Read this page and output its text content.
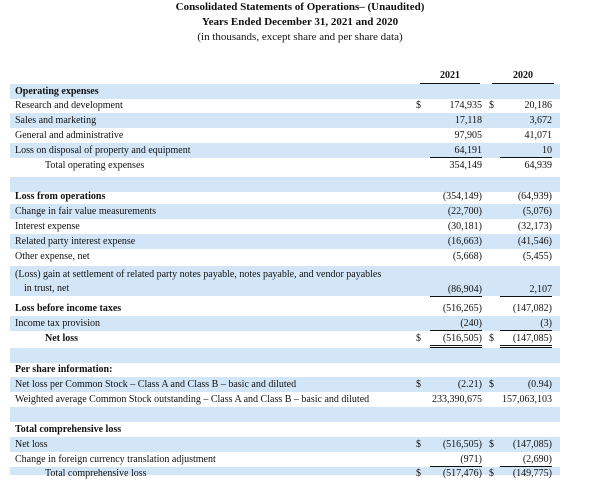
Consolidated Statements of Operations– (Unaudited)
Years Ended December 31, 2021 and 2020
(in thousands, except share and per share data)
2021	2020
Operating expenses
Research and development	$	174,935 $	20,186
Sales and marketing	17,118	3,672
General and administrative	97,905	41,071
Loss on disposal of property and equipment	64,191	10
Total operating expenses	354,149	64,939
Loss from operations	(354,149)	(64,939)
Change in fair value measurements	(22,700)	(5,076)
Interest expense	(30,181)	(32,173)
Related party interest expense	(16,663)	(41,546)
Other expense, net	(5,668)	(5,455)
(Loss) gain at settlement of related party notes payable, notes payable, and vendor payables
in trust, net	(86,904)	2,107
Loss before income taxes	(516,265)	(147,082)
Income tax provision	(240)	(3)
Net loss	$	(516,505) $	(147,085)
Per share information:
Net loss per Common Stock – Class A and Class B – basic and diluted	$	(2.21) $	(0.94)
Weighted average Common Stock outstanding – Class A and Class B – basic and diluted	233,390,675	157,063,103
Total comprehensive loss
Net loss	$	(516,505) $	(147,085)
Change in foreign currency translation adjustment	(971)	(2,690)
Total comprehensive loss	$	(517,476) $	(149,775)
